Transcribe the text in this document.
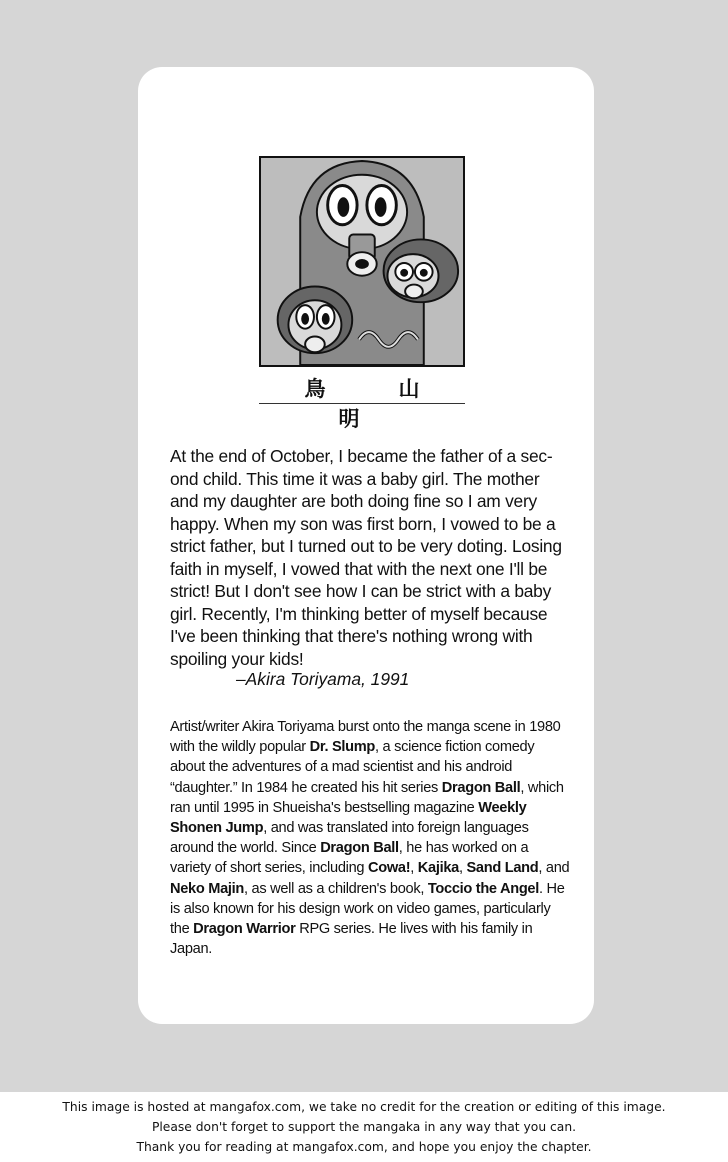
鳥　山　明
At the end of October, I became the father of a sec-ond child. This time it was a baby girl. The mother and my daughter are both doing fine so I am very happy. When my son was first born, I vowed to be a strict father, but I turned out to be very doting. Losing faith in myself, I vowed that with the next one I'll be strict! But I don't see how I can be strict with a baby girl. Recently, I'm thinking better of myself because I've been thinking that there's nothing wrong with spoiling your kids!
–Akira Toriyama, 1991
Artist/writer Akira Toriyama burst onto the manga scene in 1980 with the wildly popular Dr. Slump, a science fiction comedy about the adventures of a mad scientist and his android “daughter.” In 1984 he created his hit series Dragon Ball, which ran until 1995 in Shueisha's bestselling magazine Weekly Shonen Jump, and was translated into foreign languages around the world. Since Dragon Ball, he has worked on a variety of short series, including Cowa!, Kajika, Sand Land, and Neko Majin, as well as a children's book, Toccio the Angel. He is also known for his design work on video games, particularly the Dragon Warrior RPG series. He lives with his family in Japan.
This image is hosted at mangafox.com, we take no credit for the creation or editing of this image.
Please don't forget to support the mangaka in any way that you can.
Thank you for reading at mangafox.com, and hope you enjoy the chapter.
